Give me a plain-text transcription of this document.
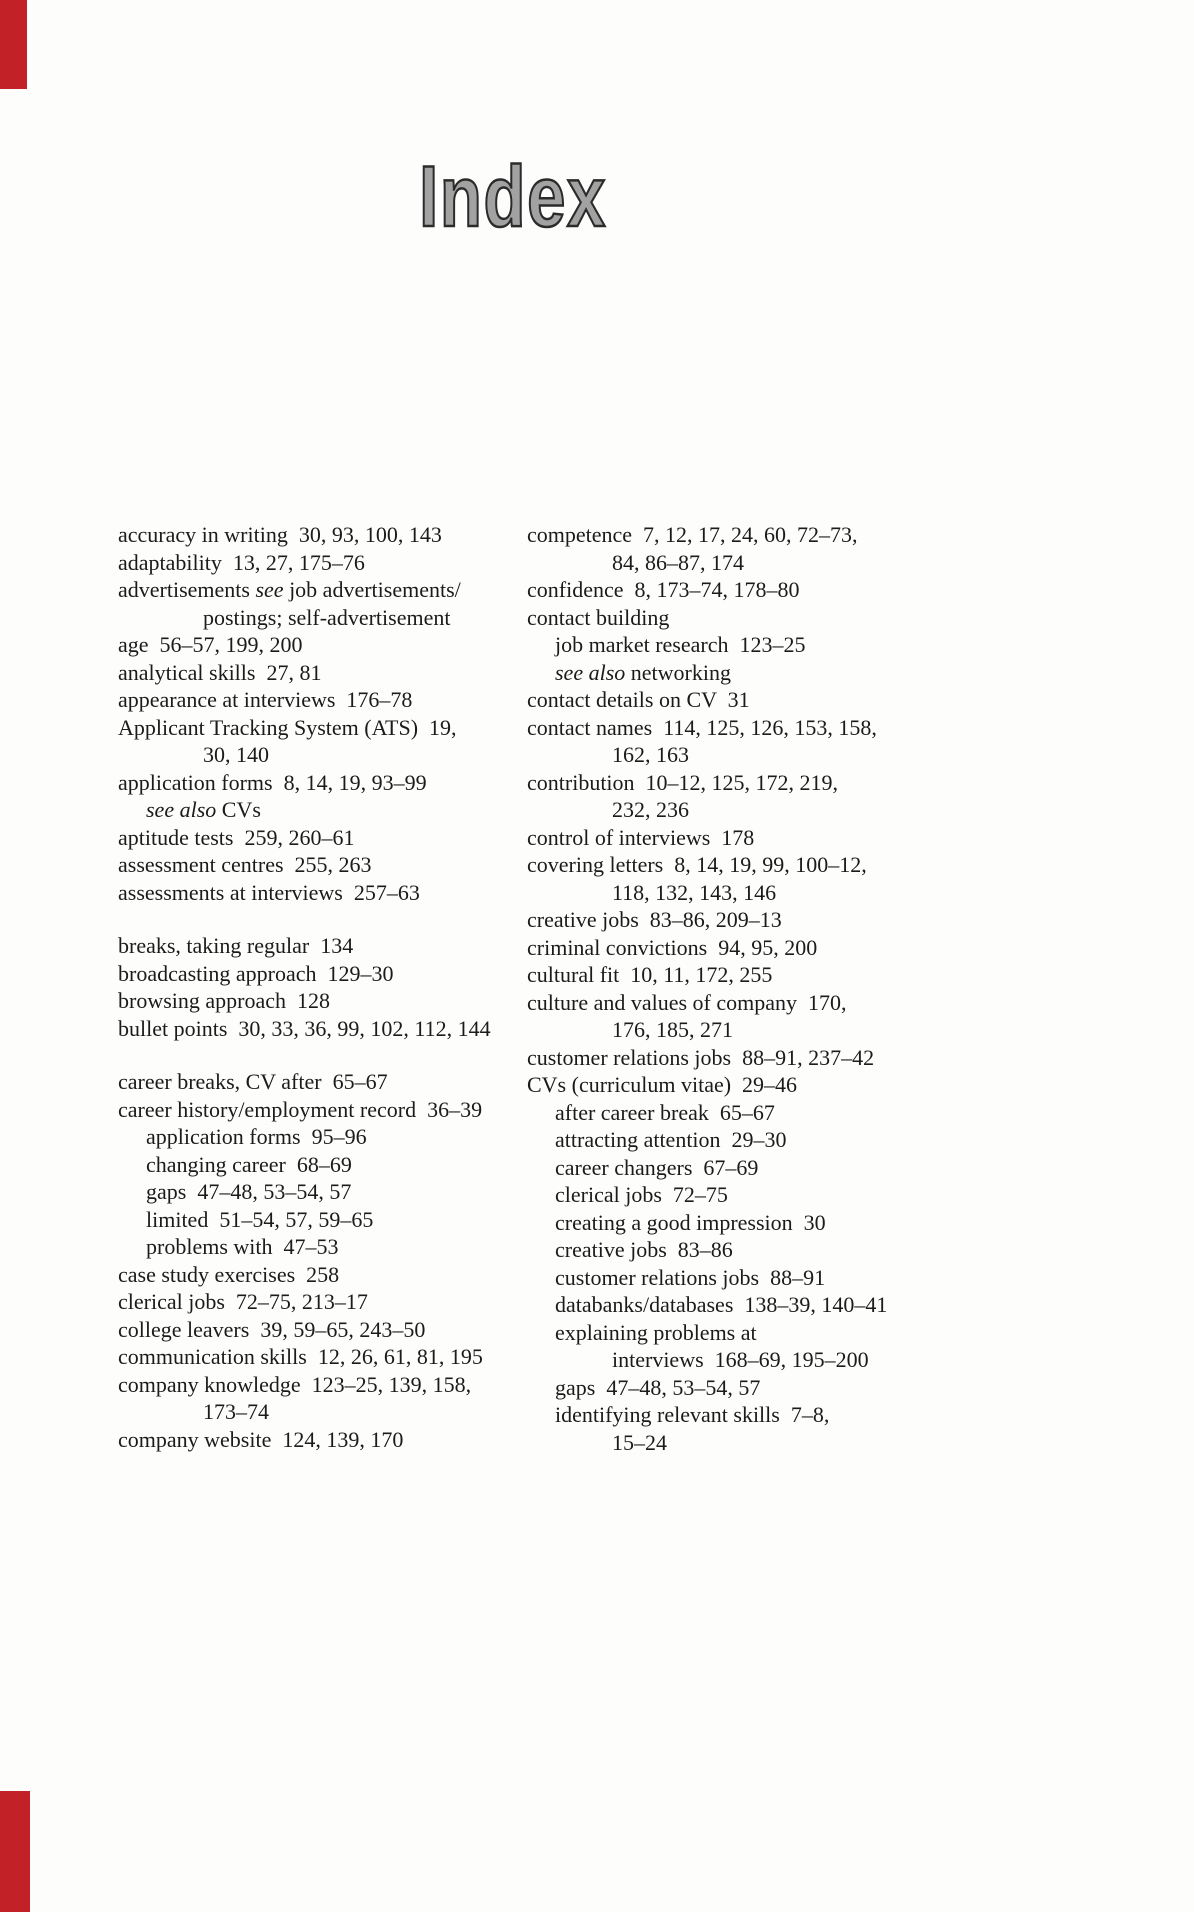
Index
accuracy in writing  30, 93, 100, 143
adaptability  13, 27, 175–76
advertisements see job advertisements/
postings; self-advertisement
age  56–57, 199, 200
analytical skills  27, 81
appearance at interviews  176–78
Applicant Tracking System (ATS)  19,
30, 140
application forms  8, 14, 19, 93–99
see also CVs
aptitude tests  259, 260–61
assessment centres  255, 263
assessments at interviews  257–63
breaks, taking regular  134
broadcasting approach  129–30
browsing approach  128
bullet points  30, 33, 36, 99, 102, 112, 144
career breaks, CV after  65–67
career history/employment record  36–39
application forms  95–96
changing career  68–69
gaps  47–48, 53–54, 57
limited  51–54, 57, 59–65
problems with  47–53
case study exercises  258
clerical jobs  72–75, 213–17
college leavers  39, 59–65, 243–50
communication skills  12, 26, 61, 81, 195
company knowledge  123–25, 139, 158,
173–74
company website  124, 139, 170
competence  7, 12, 17, 24, 60, 72–73,
84, 86–87, 174
confidence  8, 173–74, 178–80
contact building
job market research  123–25
see also networking
contact details on CV  31
contact names  114, 125, 126, 153, 158,
162, 163
contribution  10–12, 125, 172, 219,
232, 236
control of interviews  178
covering letters  8, 14, 19, 99, 100–12,
118, 132, 143, 146
creative jobs  83–86, 209–13
criminal convictions  94, 95, 200
cultural fit  10, 11, 172, 255
culture and values of company  170,
176, 185, 271
customer relations jobs  88–91, 237–42
CVs (curriculum vitae)  29–46
after career break  65–67
attracting attention  29–30
career changers  67–69
clerical jobs  72–75
creating a good impression  30
creative jobs  83–86
customer relations jobs  88–91
databanks/databases  138–39, 140–41
explaining problems at
interviews  168–69, 195–200
gaps  47–48, 53–54, 57
identifying relevant skills  7–8,
15–24
